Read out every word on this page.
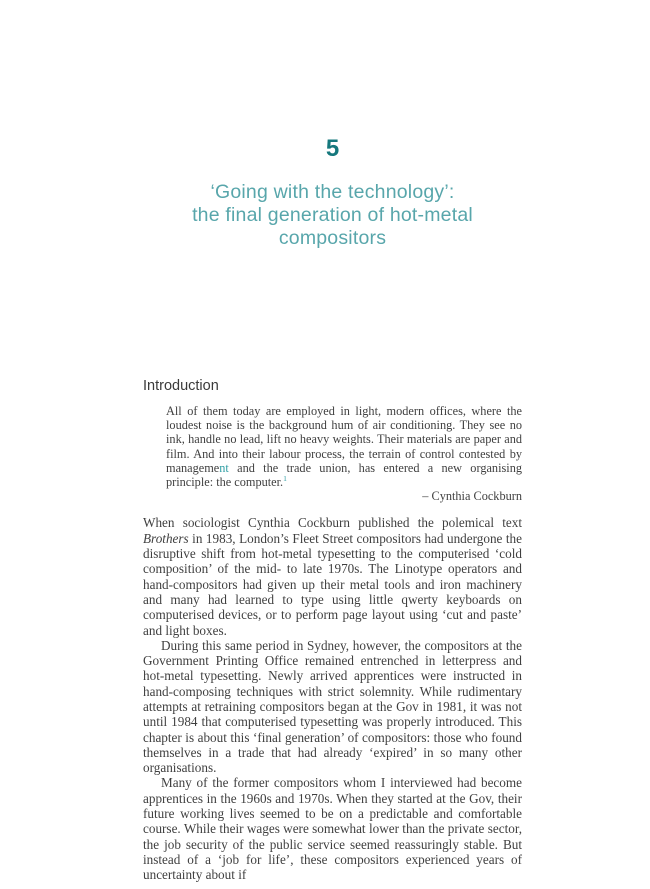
5
‘Going with the technology’:
the final generation of hot-metal compositors
Introduction
All of them today are employed in light, modern offices, where the loudest noise is the background hum of air conditioning. They see no ink, handle no lead, lift no heavy weights. Their materials are paper and film. And into their labour process, the terrain of control contested by management and the trade union, has entered a new organising principle: the computer.$^1$

– Cynthia Cockburn

When sociologist Cynthia Cockburn published the polemical text Brothers in 1983, London’s Fleet Street compositors had undergone the disruptive shift from hot-metal typesetting to the computerised ‘cold composition’ of the mid- to late 1970s. The Linotype operators and hand-compositors had given up their metal tools and iron machinery and many had learned to type using little qwerty keyboards on computerised devices, or to perform page layout using ‘cut and paste’ and light boxes.

During this same period in Sydney, however, the compositors at the Government Printing Office remained entrenched in letterpress and hot-metal typesetting. Newly arrived apprentices were instructed in hand-composing techniques with strict solemnity. While rudimentary attempts at retraining compositors began at the Gov in 1981, it was not until 1984 that computerised typesetting was properly introduced. This chapter is about this ‘final generation’ of compositors: those who found themselves in a trade that had already ‘expired’ in so many other organisations.

Many of the former compositors whom I interviewed had become apprentices in the 1960s and 1970s. When they started at the Gov, their future working lives seemed to be on a predictable and comfortable course. While their wages were somewhat lower than the private sector, the job security of the public service seemed reassuringly stable. But instead of a ‘job for life’, these compositors experienced years of uncertainty about if
